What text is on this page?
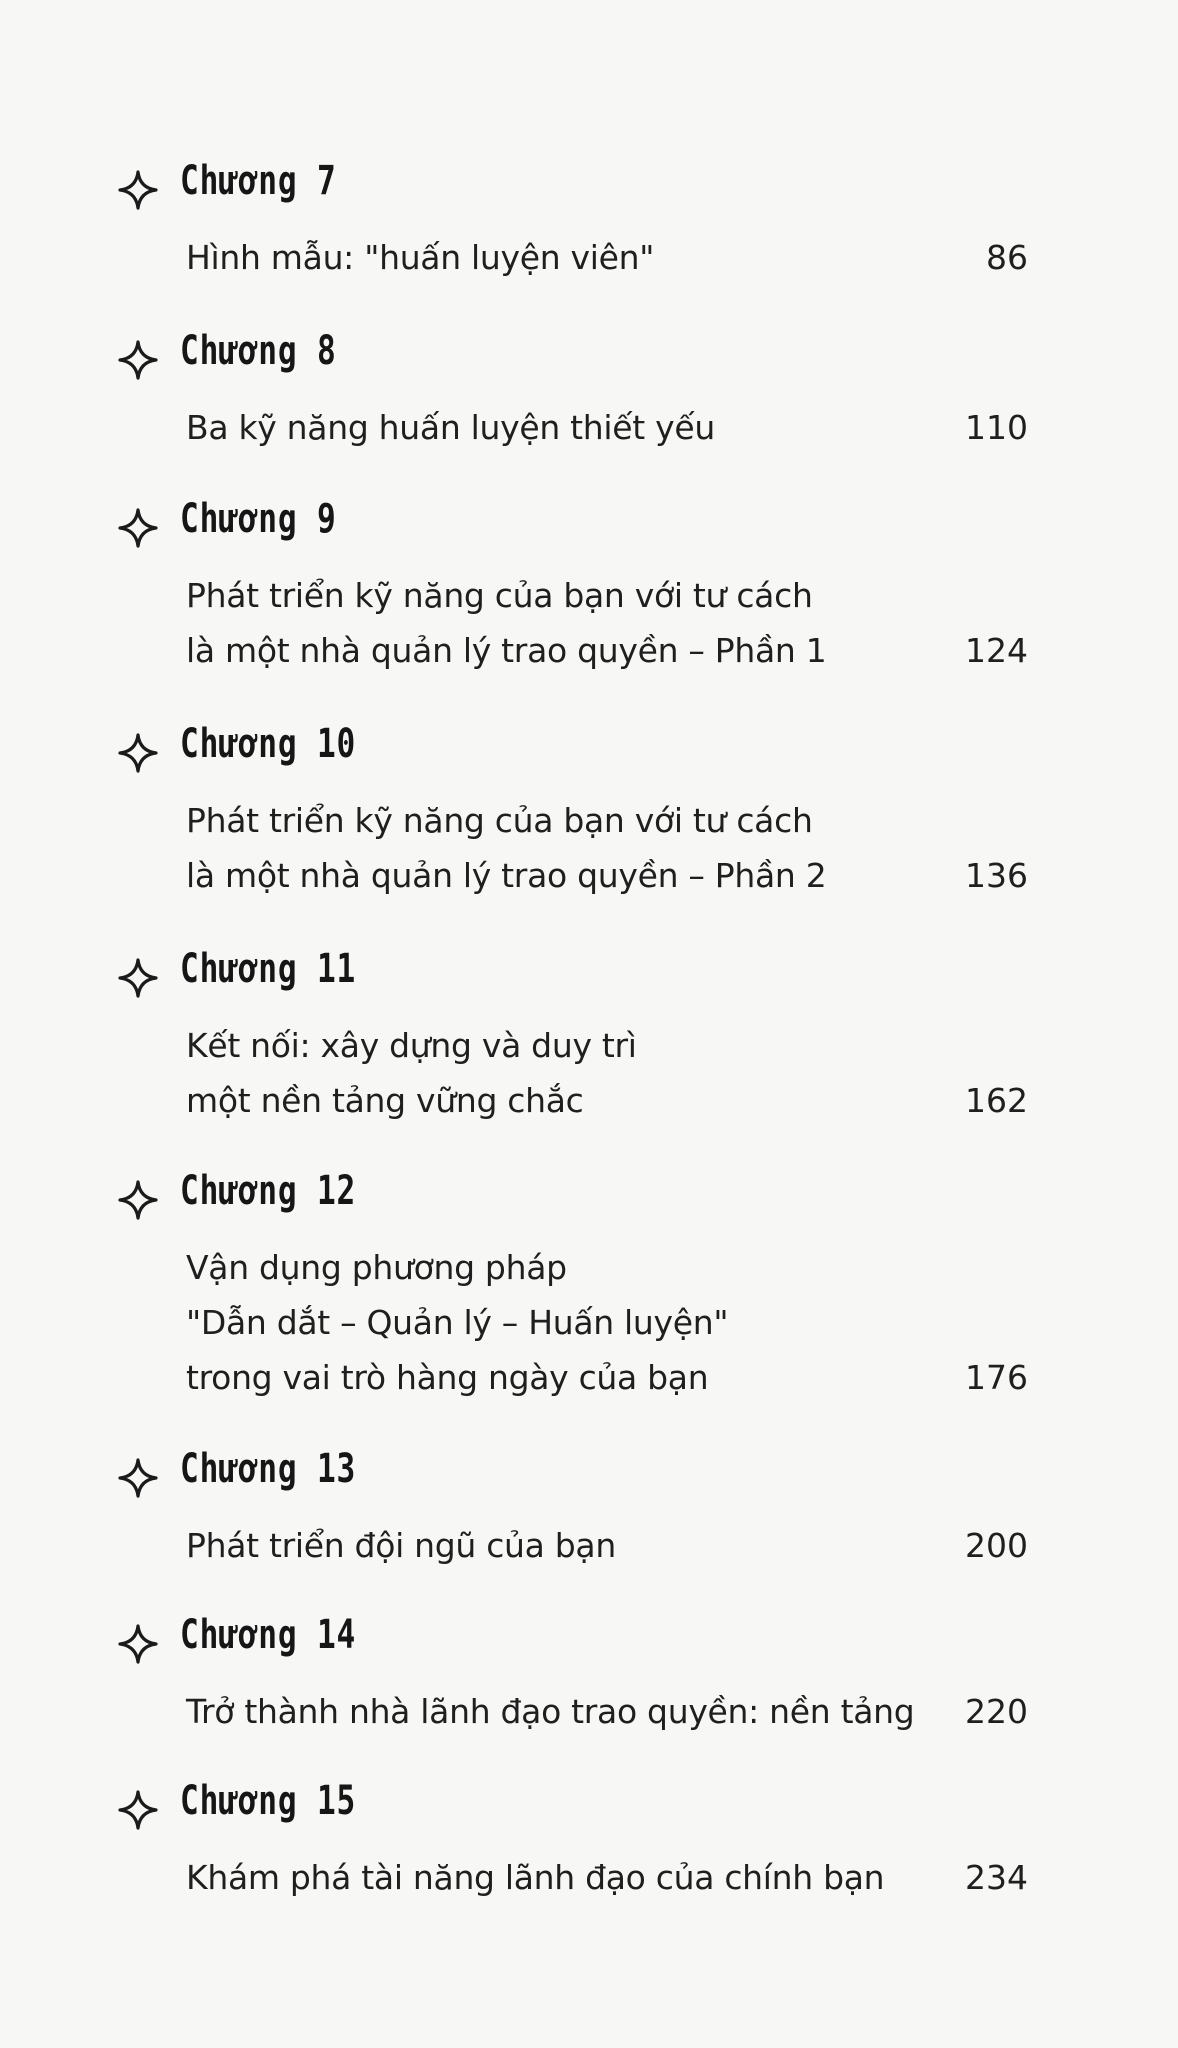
Chương 7
Hình mẫu: "huấn luyện viên"	86
Chương 8
Ba kỹ năng huấn luyện thiết yếu	110
Chương 9
Phát triển kỹ năng của bạn với tư cách
là một nhà quản lý trao quyền – Phần 1	124
Chương 10
Phát triển kỹ năng của bạn với tư cách
là một nhà quản lý trao quyền – Phần 2	136
Chương 11
Kết nối: xây dựng và duy trì
một nền tảng vững chắc	162
Chương 12
Vận dụng phương pháp
"Dẫn dắt – Quản lý – Huấn luyện"
trong vai trò hàng ngày của bạn	176
Chương 13
Phát triển đội ngũ của bạn	200
Chương 14
Trở thành nhà lãnh đạo trao quyền: nền tảng	220
Chương 15
Khám phá tài năng lãnh đạo của chính bạn	234
